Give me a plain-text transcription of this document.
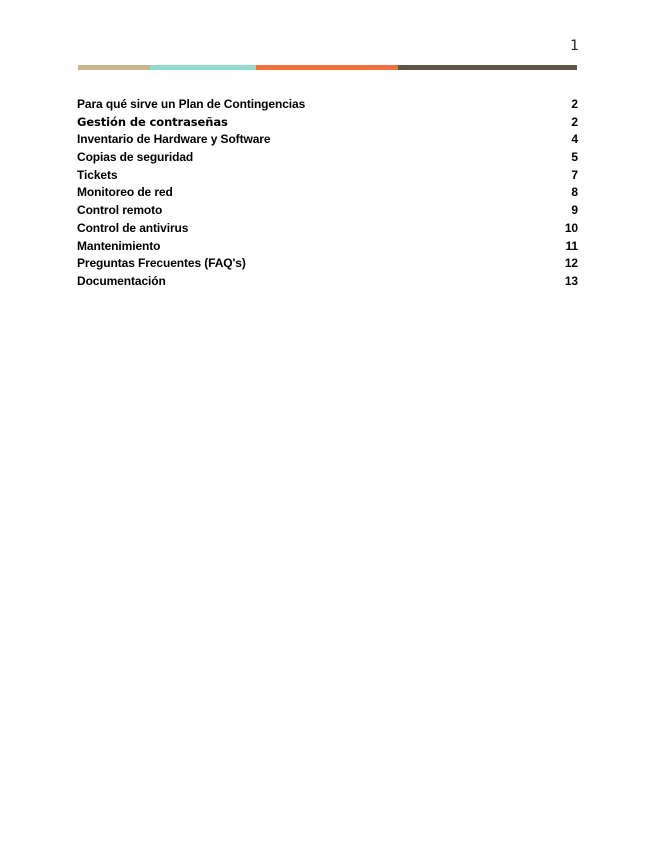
1
Para qué sirve un Plan de Contingencias	2
Gestión de contraseñas	2
Inventario de Hardware y Software	4
Copias de seguridad	5
Tickets	7
Monitoreo de red	8
Control remoto	9
Control de antivirus	10
Mantenimiento	11
Preguntas Frecuentes (FAQ's)	12
Documentación	13
